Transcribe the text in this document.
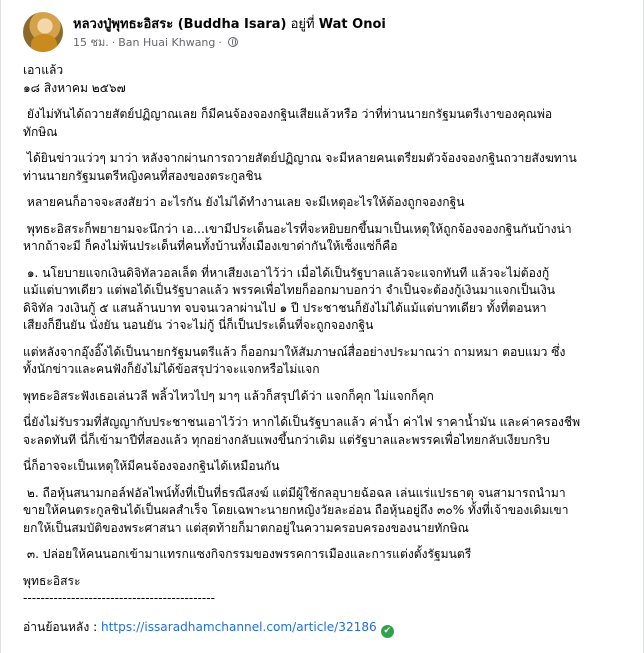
หลวงปู่พุทธะอิสระ (Buddha Isara) อยู่ที่ Wat Onoi
15 ชม. · Ban Huai Khwang ·

เอาแล้ว

๑๘ สิงหาคม ๒๕๖๗

ยังไม่ทันได้ถวายสัตย์ปฏิญาณเลย ก็มีคนจ้องจองกฐินเสียแล้วหรือ ว่าที่ท่านนายกรัฐมนตรีเงาของคุณพ่อ
ทักษิณ

ได้ยินข่าวแว่วๆ มาว่า หลังจากผ่านการถวายสัตย์ปฏิญาณ จะมีหลายคนเตรียมตัวจ้องจองกฐินถวายสังฆทาน
ท่านนายกรัฐมนตรีหญิงคนที่สองของตระกูลชิน

หลายคนก็อาจจะสงสัยว่า อะไรกัน ยังไม่ได้ทำงานเลย จะมีเหตุอะไรให้ต้องถูกจองกฐิน

พุทธะอิสระก็พยายามจะนึกว่า เอ...เขามีประเด็นอะไรที่จะหยิบยกขึ้นมาเป็นเหตุให้ถูกจ้องจองกฐินกันบ้างน่า
หากถ้าจะมี ก็คงไม่พ้นประเด็นที่คนทั้งบ้านทั้งเมืองเขาด่ากันให้เซ็งแซ่ก็คือ

๑. นโยบายแจกเงินดิจิทัลวอลเล็ต ที่หาเสียงเอาไว้ว่า เมื่อได้เป็นรัฐบาลแล้วจะแจกทันที แล้วจะไม่ต้องกู้
แม้แต่บาทเดียว แต่พอได้เป็นรัฐบาลแล้ว พรรคเพื่อไทยก็ออกมาบอกว่า จำเป็นจะต้องกู้เงินมาแจกเป็นเงิน
ดิจิทัล วงเงินกู้ ๕ แสนล้านบาท จบจนเวลาผ่านไป ๑ ปี ประชาชนก็ยังไม่ได้แม้แต่บาทเดียว ทั้งที่ตอนหา
เสียงก็ยืนยัน นั่งยัน นอนยัน ว่าจะไม่กู้ นี่ก็เป็นประเด็นที่จะถูกจองกฐิน

แต่หลังจากอุ๊งอิ๊งได้เป็นนายกรัฐมนตรีแล้ว ก็ออกมาให้สัมภาษณ์สื่ออย่างประมาณว่า ถามหมา ตอบแมว ซึ่ง
ทั้งนักข่าวและคนฟังก็ยังไม่ได้ข้อสรุปว่าจะแจกหรือไม่แจก

พุทธะอิสระฟังเธอเล่นวลี พลิ้วไหวไปๆ มาๆ แล้วก็สรุปได้ว่า แจกก็คุก ไม่แจกก็คุก

นี่ยังไม่รับรวมที่สัญญากับประชาชนเอาไว้ว่า หากได้เป็นรัฐบาลแล้ว ค่าน้ำ ค่าไฟ ราคาน้ำมัน และค่าครองชีพ
จะลดทันที นี่ก็เข้ามาปีที่สองแล้ว ทุกอย่างกลับแพงขึ้นกว่าเดิม แต่รัฐบาลและพรรคเพื่อไทยกลับเงียบกริบ

นี่ก็อาจจะเป็นเหตุให้มีคนจ้องจองกฐินได้เหมือนกัน

๒. ถือหุ้นสนามกอล์ฟอัลไพน์ทั้งที่เป็นที่ธรณีสงฆ์ แต่มีผู้ใช้กลอุบายฉ้อฉล เล่นแร่แปรธาตุ จนสามารถนำมา
ขายให้คนตระกูลชินได้เป็นผลสำเร็จ โดยเฉพาะนายกหญิงวัยละอ่อน ถือหุ้นอยู่ถึง ๓๐% ทั้งที่เจ้าของเดิมเขา
ยกให้เป็นสมบัติของพระศาสนา แต่สุดท้ายก็มาตกอยู่ในความครอบครองของนายทักษิณ

๓. ปล่อยให้คนนอกเข้ามาแทรกแซงกิจกรรมของพรรคการเมืองและการแต่งตั้งรัฐมนตรี

พุทธะอิสระ

--------------------------------------------

อ่านย้อนหลัง : https://issaradhamchannel.com/article/32186 ✔
